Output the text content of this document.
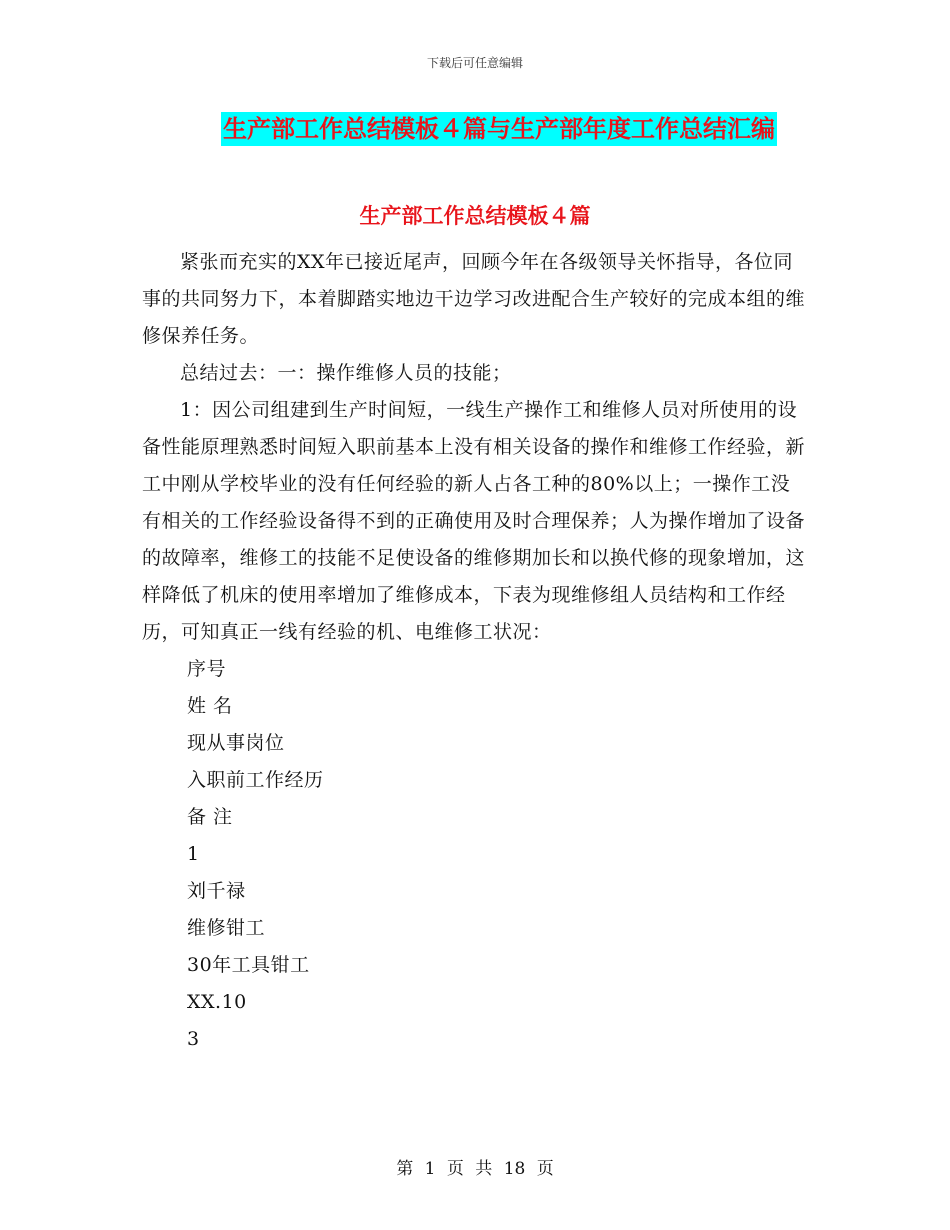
下载后可任意编辑
生产部工作总结模板４篇与生产部年度工作总结汇编
生产部工作总结模板４篇

紧张而充实的XX年已接近尾声，回顾今年在各级领导关怀指导，各位同事的共同努力下，本着脚踏实地边干边学习改进配合生产较好的完成本组的维修保养任务。

总结过去：一：操作维修人员的技能；

1：因公司组建到生产时间短，一线生产操作工和维修人员对所使用的设备性能原理熟悉时间短入职前基本上没有相关设备的操作和维修工作经验，新工中刚从学校毕业的没有任何经验的新人占各工种的80%以上；一操作工没有相关的工作经验设备得不到的正确使用及时合理保养；人为操作增加了设备的故障率，维修工的技能不足使设备的维修期加长和以换代修的现象增加，这样降低了机床的使用率增加了维修成本，下表为现维修组人员结构和工作经历，可知真正一线有经验的机、电维修工状况：

序号
姓 名
现从事岗位
入职前工作经历
备 注
1
刘千禄
维修钳工
30年工具钳工
XX.10
3
第 1 页 共 18 页
